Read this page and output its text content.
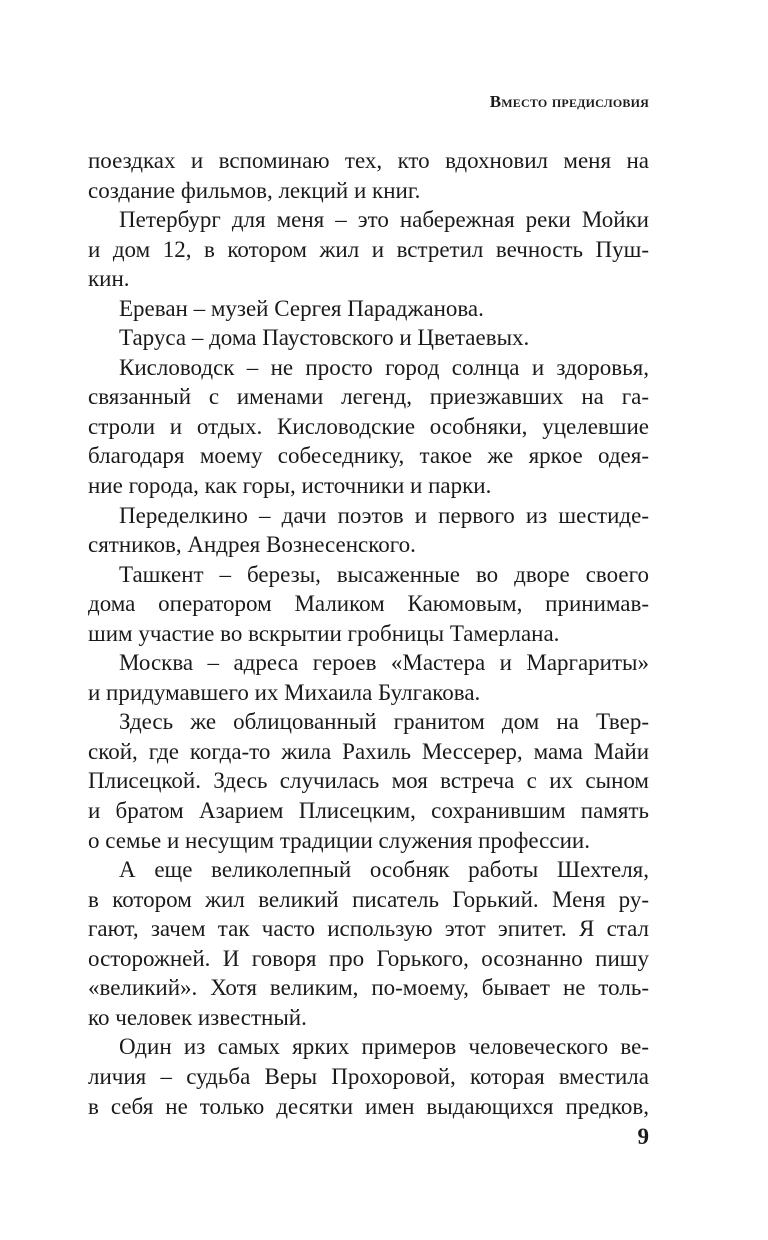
Вместо предисловия
поездках и вспоминаю тех, кто вдохновил меня на
создание фильмов, лекций и книг.
Петербург для меня – это набережная реки Мойки
и дом 12, в котором жил и встретил вечность Пуш-
кин.
Ереван – музей Сергея Параджанова.
Таруса – дома Паустовского и Цветаевых.
Кисловодск – не просто город солнца и здоровья,
связанный с именами легенд, приезжавших на га-
строли и отдых. Кисловодские особняки, уцелевшие
благодаря моему собеседнику, такое же яркое одея-
ние города, как горы, источники и парки.
Переделкино – дачи поэтов и первого из шестиде-
сятников, Андрея Вознесенского.
Ташкент – березы, высаженные во дворе своего
дома оператором Маликом Каюмовым, принимав-
шим участие во вскрытии гробницы Тамерлана.
Москва – адреса героев «Мастера и Маргариты»
и придумавшего их Михаила Булгакова.
Здесь же облицованный гранитом дом на Твер-
ской, где когда-то жила Рахиль Мессерер, мама Майи
Плисецкой. Здесь случилась моя встреча с их сыном
и братом Азарием Плисецким, сохранившим память
о семье и несущим традиции служения профессии.
А еще великолепный особняк работы Шехтеля,
в котором жил великий писатель Горький. Меня ру-
гают, зачем так часто использую этот эпитет. Я стал
осторожней. И говоря про Горького, осознанно пишу
«великий». Хотя великим, по-моему, бывает не толь-
ко человек известный.
Один из самых ярких примеров человеческого ве-
личия – судьба Веры Прохоровой, которая вместила
в себя не только десятки имен выдающихся предков,
9
